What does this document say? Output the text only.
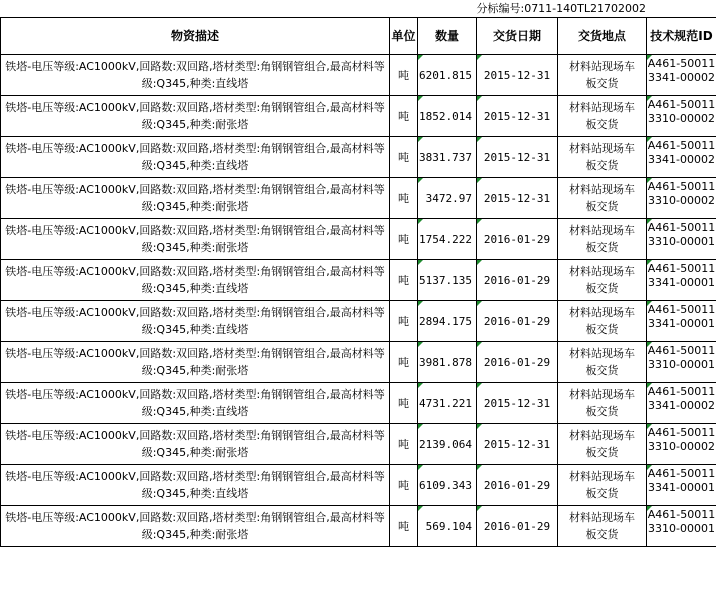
分标编号:0711-140TL21702002
物资描述	单位	数量	交货日期	交货地点	技术规范ID
铁塔-电压等级:AC1000kV,回路数:双回路,塔材类型:角钢钢管组合,最高材料等级:Q345,种类:直线塔	吨	6201.815	2015-12-31	材料站现场车板交货	A461-500113341-00002

铁塔-电压等级:AC1000kV,回路数:双回路,塔材类型:角钢钢管组合,最高材料等级:Q345,种类:耐张塔	吨	1852.014	2015-12-31	材料站现场车板交货	A461-500113310-00002

铁塔-电压等级:AC1000kV,回路数:双回路,塔材类型:角钢钢管组合,最高材料等级:Q345,种类:直线塔	吨	3831.737	2015-12-31	材料站现场车板交货	A461-500113341-00002

铁塔-电压等级:AC1000kV,回路数:双回路,塔材类型:角钢钢管组合,最高材料等级:Q345,种类:耐张塔	吨	3472.97	2015-12-31	材料站现场车板交货	A461-500113310-00002

铁塔-电压等级:AC1000kV,回路数:双回路,塔材类型:角钢钢管组合,最高材料等级:Q345,种类:耐张塔	吨	1754.222	2016-01-29	材料站现场车板交货	A461-500113310-00001

铁塔-电压等级:AC1000kV,回路数:双回路,塔材类型:角钢钢管组合,最高材料等级:Q345,种类:直线塔	吨	5137.135	2016-01-29	材料站现场车板交货	A461-500113341-00001

铁塔-电压等级:AC1000kV,回路数:双回路,塔材类型:角钢钢管组合,最高材料等级:Q345,种类:直线塔	吨	2894.175	2016-01-29	材料站现场车板交货	A461-500113341-00001

铁塔-电压等级:AC1000kV,回路数:双回路,塔材类型:角钢钢管组合,最高材料等级:Q345,种类:耐张塔	吨	3981.878	2016-01-29	材料站现场车板交货	A461-500113310-00001

铁塔-电压等级:AC1000kV,回路数:双回路,塔材类型:角钢钢管组合,最高材料等级:Q345,种类:直线塔	吨	4731.221	2015-12-31	材料站现场车板交货	A461-500113341-00002

铁塔-电压等级:AC1000kV,回路数:双回路,塔材类型:角钢钢管组合,最高材料等级:Q345,种类:耐张塔	吨	2139.064	2015-12-31	材料站现场车板交货	A461-500113310-00002

铁塔-电压等级:AC1000kV,回路数:双回路,塔材类型:角钢钢管组合,最高材料等级:Q345,种类:直线塔	吨	6109.343	2016-01-29	材料站现场车板交货	A461-500113341-00001

铁塔-电压等级:AC1000kV,回路数:双回路,塔材类型:角钢钢管组合,最高材料等级:Q345,种类:耐张塔	吨	569.104	2016-01-29	材料站现场车板交货	A461-500113310-00001
